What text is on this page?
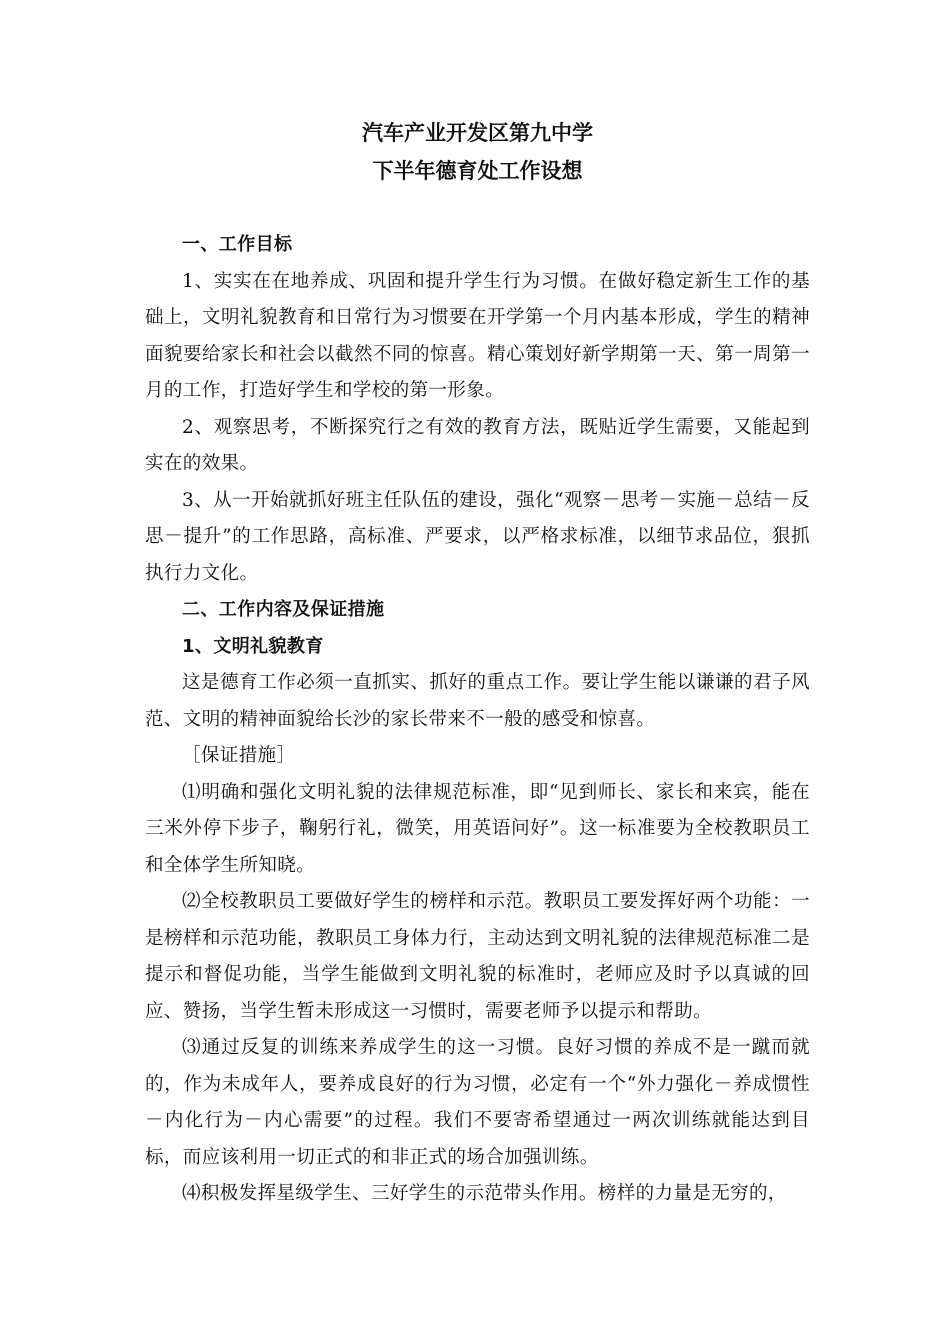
汽车产业开发区第九中学

下半年德育处工作设想

一、工作目标

1、实实在在地养成、巩固和提升学生行为习惯。在做好稳定新生工作的基础上，文明礼貌教育和日常行为习惯要在开学第一个月内基本形成，学生的精神面貌要给家长和社会以截然不同的惊喜。精心策划好新学期第一天、第一周第一月的工作，打造好学生和学校的第一形象。

2、观察思考，不断探究行之有效的教育方法，既贴近学生需要，又能起到实在的效果。

3、从一开始就抓好班主任队伍的建设，强化“观察－思考－实施－总结－反思－提升”的工作思路，高标准、严要求，以严格求标准，以细节求品位，狠抓执行力文化。

二、工作内容及保证措施

1、文明礼貌教育

这是德育工作必须一直抓实、抓好的重点工作。要让学生能以谦谦的君子风范、文明的精神面貌给长沙的家长带来不一般的感受和惊喜。

［保证措施］

⑴明确和强化文明礼貌的法律规范标准，即“见到师长、家长和来宾，能在三米外停下步子，鞠躬行礼，微笑，用英语问好”。这一标准要为全校教职员工和全体学生所知晓。

⑵全校教职员工要做好学生的榜样和示范。教职员工要发挥好两个功能：一是榜样和示范功能，教职员工身体力行，主动达到文明礼貌的法律规范标准二是提示和督促功能，当学生能做到文明礼貌的标准时，老师应及时予以真诚的回应、赞扬，当学生暂未形成这一习惯时，需要老师予以提示和帮助。

⑶通过反复的训练来养成学生的这一习惯。良好习惯的养成不是一蹴而就的，作为未成年人，要养成良好的行为习惯，必定有一个“外力强化－养成惯性－内化行为－内心需要”的过程。我们不要寄希望通过一两次训练就能达到目标，而应该利用一切正式的和非正式的场合加强训练。

⑷积极发挥星级学生、三好学生的示范带头作用。榜样的力量是无穷的，
